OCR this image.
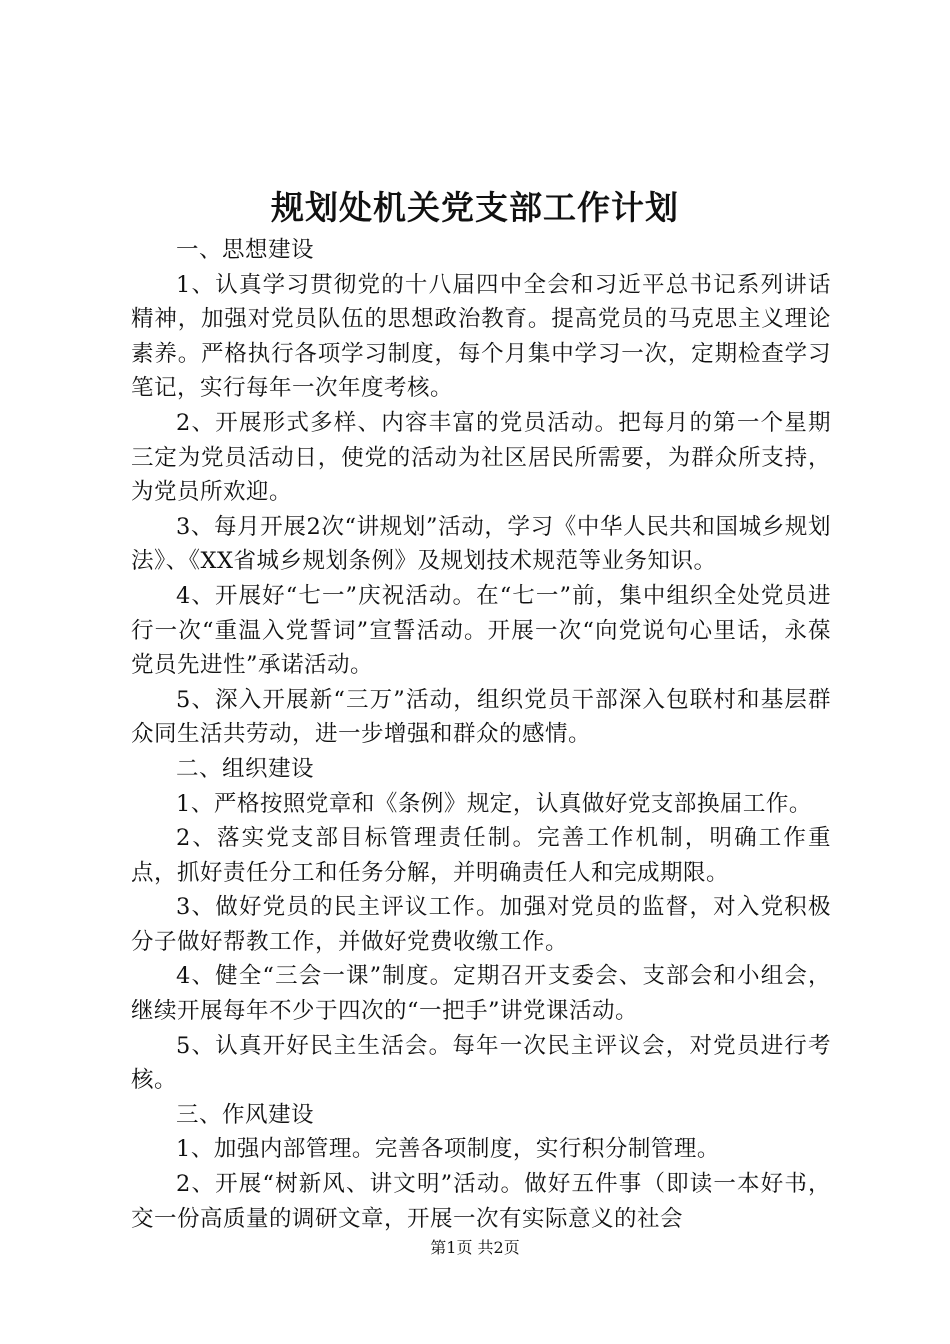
规划处机关党支部工作计划

一、思想建设

1、认真学习贯彻党的十八届四中全会和习近平总书记系列讲话精神，加强对党员队伍的思想政治教育。提高党员的马克思主义理论素养。严格执行各项学习制度，每个月集中学习一次，定期检查学习笔记，实行每年一次年度考核。

2、开展形式多样、内容丰富的党员活动。把每月的第一个星期三定为党员活动日，使党的活动为社区居民所需要，为群众所支持，为党员所欢迎。

3、每月开展2次“讲规划”活动，学习《中华人民共和国城乡规划法》、《XX省城乡规划条例》及规划技术规范等业务知识。

4、开展好“七一”庆祝活动。在“七一”前，集中组织全处党员进行一次“重温入党誓词”宣誓活动。开展一次“向党说句心里话，永葆党员先进性”承诺活动。

5、深入开展新“三万”活动，组织党员干部深入包联村和基层群众同生活共劳动，进一步增强和群众的感情。

二、组织建设

1、严格按照党章和《条例》规定，认真做好党支部换届工作。

2、落实党支部目标管理责任制。完善工作机制，明确工作重点，抓好责任分工和任务分解，并明确责任人和完成期限。

3、做好党员的民主评议工作。加强对党员的监督，对入党积极分子做好帮教工作，并做好党费收缴工作。

4、健全“三会一课”制度。定期召开支委会、支部会和小组会，继续开展每年不少于四次的“一把手”讲党课活动。

5、认真开好民主生活会。每年一次民主评议会，对党员进行考核。

三、作风建设

1、加强内部管理。完善各项制度，实行积分制管理。

2、开展“树新风、讲文明”活动。做好五件事（即读一本好书，交一份高质量的调研文章，开展一次有实际意义的社会

第1页 共2页
